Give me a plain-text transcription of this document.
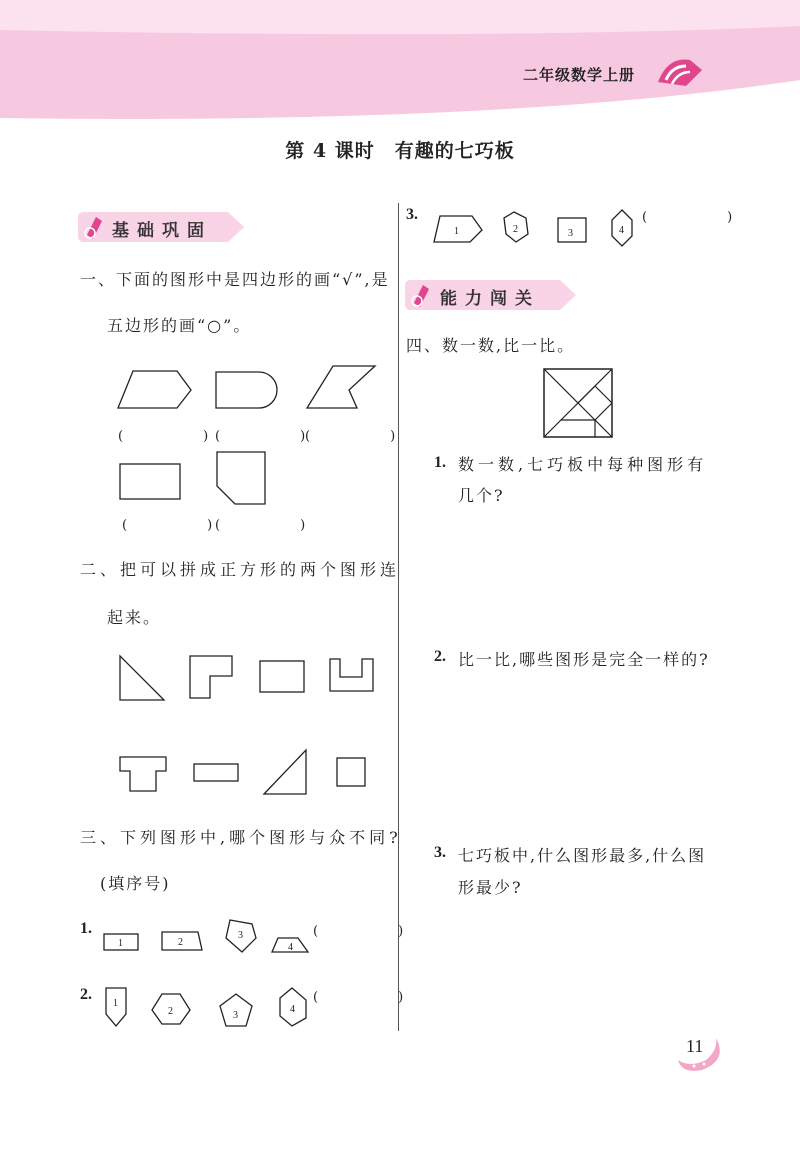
二年级数学上册
第 4 课时　有趣的七巧板
基础巩固
一、下面的图形中是四边形的画“√”,是
五边形的画“○”。
(　　)
(　　)
(　　)
(　　)
(　　)
二、把可以拼成正方形的两个图形连
起来。
三、下列图形中,哪个图形与众不同?
(填序号)
1.
1	2
3
4
(　　)
2.
1
2	3
4
(　　)
3.
1	2	3	4
(　　)
能力闯关
四、数一数,比一比。
1. 数一数,七巧板中每种图形有
几个?
2. 比一比,哪些图形是完全一样的?
3. 七巧板中,什么图形最多,什么图
形最少?
11
